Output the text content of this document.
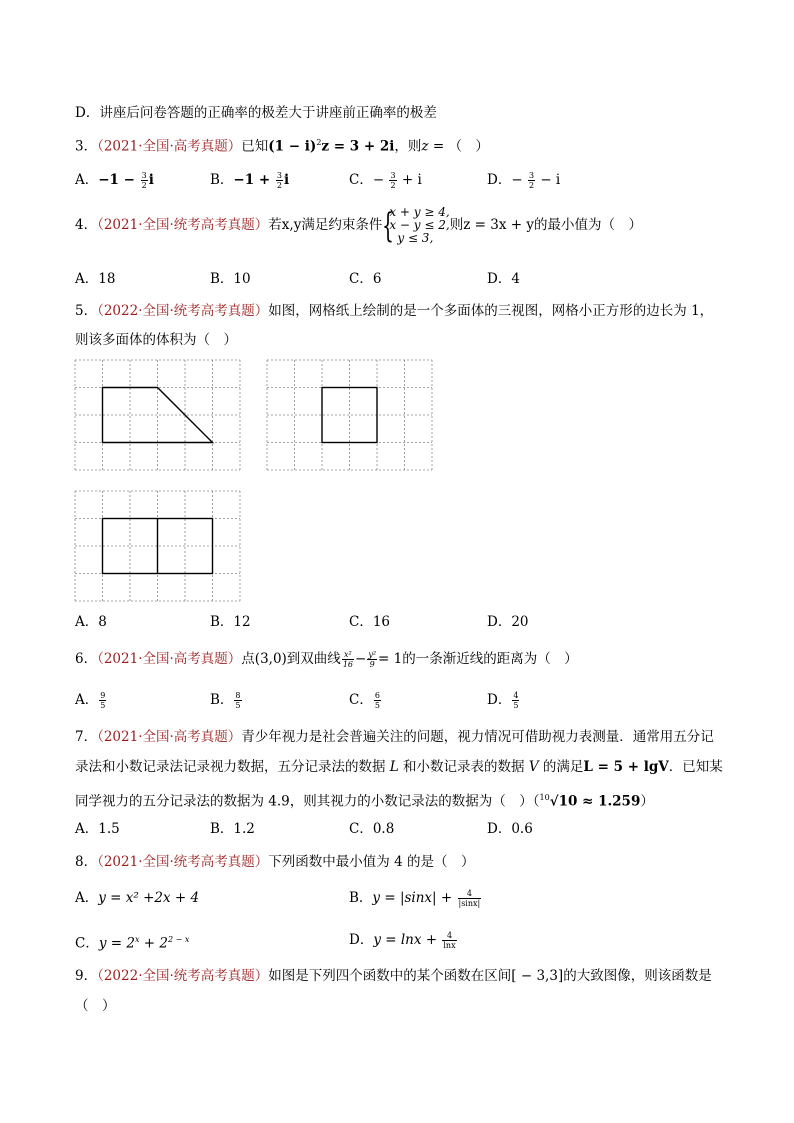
D．讲座后问卷答题的正确率的极差大于讲座前正确率的极差
3．（2021·全国·高考真题）已知$(1 - i)^2z = 3 + 2i$，则z = （　）
A．$-1 - \frac{3}{2}$ i	B．$-1 + \frac{3}{2}$ i	C．− $\frac{3}{2} + i$	D．− $\frac{3}{2} - i$
4．（2021·全国·统考高考真题）若x,y满足约束条件 {
x + y ≥ 4,
x − y ≤ 2,
y ≤ 3,
则z = 3x + y的最小值为（　）
A．18	B．10	C．6	D．4
5．（2022·全国·统考高考真题）如图，网格纸上绘制的是一个多面体的三视图，网格小正方形的边长为 1，
则该多面体的体积为（　）
A．8	B．12	C．16	D．20
6．（2021·全国·高考真题）点(3,0)到双曲线 $\frac{\text{x²}}{16} - \frac{\text{y²}}{9} = 1$的一条渐近线的距离为（　）
A． $\frac{9}{5}$	B． $\frac{8}{5}$	C． $\frac{6}{5}$	D． $\frac{4}{5}$
7．（2021·全国·高考真题）青少年视力是社会普遍关注的问题，视力情况可借助视力表测量．通常用五分记
录法和小数记录法记录视力数据，五分记录法的数据 L 和小数记录表的数据 V 的满足L = 5 + lgV．已知某
同学视力的五分记录法的数据为 4.9，则其视力的小数记录法的数据为（　）（$^{10}$√10 ≈ 1.259）
A．1.5	B．1.2	C．0.8	D．0.6
8．（2021·全国·统考高考真题）下列函数中最小值为 4 的是（　）
A．y = x² +2x + 4	B．$y = |\sin x| + \frac{4}{|\sin x|}$
C．$y = 2^x + 2^{2 - x}$	D．$y = \ln x + \frac{4}{\ln x}$
9．（2022·全国·统考高考真题）如图是下列四个函数中的某个函数在区间[ − 3,3]的大致图像，则该函数是
（　）
